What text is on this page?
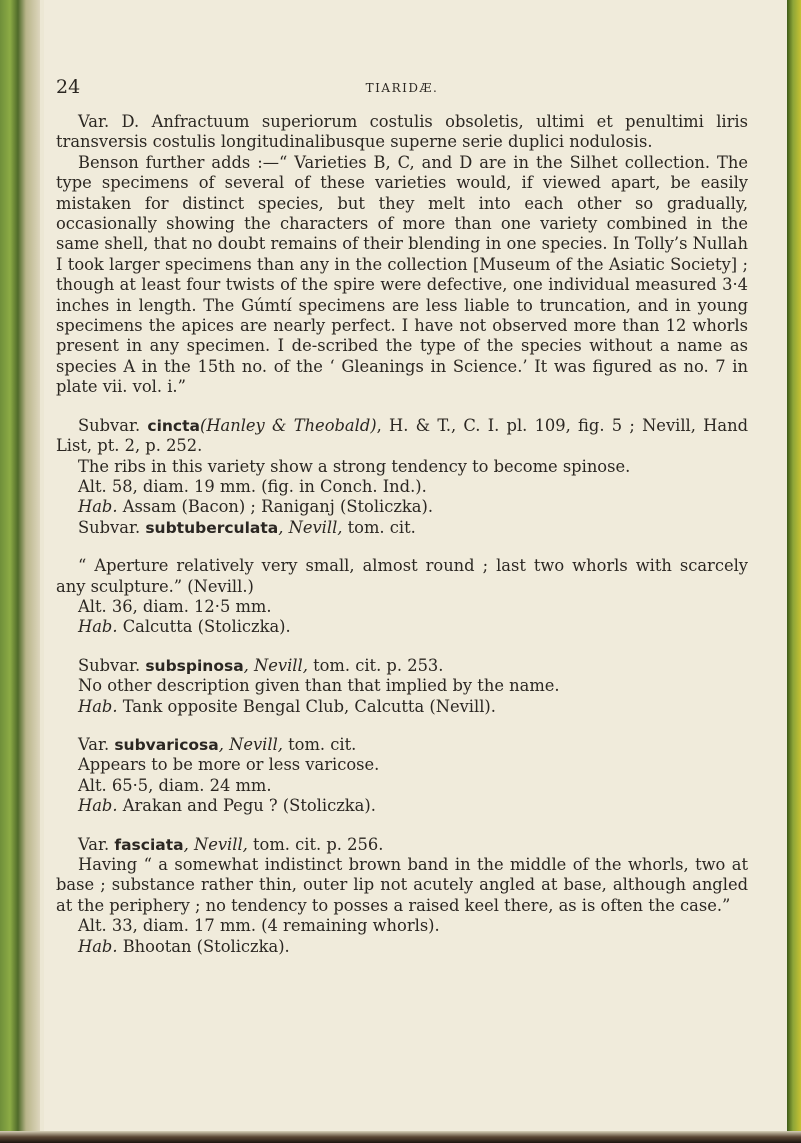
24	TIARIDÆ.

Var. D. Anfractuum superiorum costulis obsoletis, ultimi et penultimi liris transversis costulis longitudinalibusque superne serie duplici nodulosis.

Benson further adds :—“ Varieties B, C, and D are in the Silhet collection. The type specimens of several of these varieties would, if viewed apart, be easily mistaken for distinct species, but they melt into each other so gradually, occasionally showing the characters of more than one variety combined in the same shell, that no doubt remains of their blending in one species. In Tolly’s Nullah I took larger specimens than any in the collection [Museum of the Asiatic Society] ; though at least four twists of the spire were defective, one individual measured 3·4 inches in length. The Gúmtí specimens are less liable to truncation, and in young specimens the apices are nearly perfect. I have not observed more than 12 whorls present in any specimen. I de-scribed the type of the species without a name as species A in the 15th no. of the ‘ Gleanings in Science.’ It was figured as no. 7 in plate vii. vol. i.”

Subvar. cincta(Hanley & Theobald), H. & T., C. I. pl. 109, fig. 5 ; Nevill, Hand List, pt. 2, p. 252.

The ribs in this variety show a strong tendency to become spinose.

Alt. 58, diam. 19 mm. (fig. in Conch. Ind.).

Hab. Assam (Bacon) ; Raniganj (Stoliczka).

Subvar. subtuberculata, Nevill, tom. cit.

“ Aperture relatively very small, almost round ; last two whorls with scarcely any sculpture.” (Nevill.)

Alt. 36, diam. 12·5 mm.

Hab. Calcutta (Stoliczka).

Subvar. subspinosa, Nevill, tom. cit. p. 253.

No other description given than that implied by the name.

Hab. Tank opposite Bengal Club, Calcutta (Nevill).

Var. subvaricosa, Nevill, tom. cit.

Appears to be more or less varicose.

Alt. 65·5, diam. 24 mm.

Hab. Arakan and Pegu ? (Stoliczka).

Var. fasciata, Nevill, tom. cit. p. 256.

Having “ a somewhat indistinct brown band in the middle of the whorls, two at base ; substance rather thin, outer lip not acutely angled at base, although angled at the periphery ; no tendency to posses a raised keel there, as is often the case.”

Alt. 33, diam. 17 mm. (4 remaining whorls).

Hab. Bhootan (Stoliczka).
